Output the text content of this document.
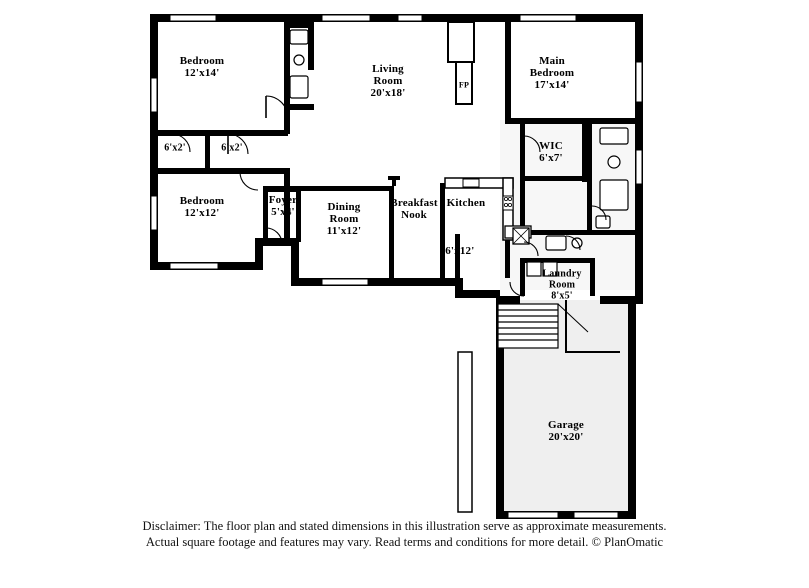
Bedroom
12'x14'
6'x2'	6'x2'
Bedroom
12'x12'
Foyer
5'x4'	Dining
Room
11'x12'
Living
Room
20'x18'
FP
Breakfast
Nook
Kitchen
16'x12'
Main
Bedroom
17'x14'
WIC
6'x7'
Laundry
Room
8'x5'
Garage
20'x20'
Disclaimer: The floor plan and stated dimensions in this illustration serve as approximate measurements.
Actual square footage and features may vary. Read terms and conditions for more detail. © PlanOmatic
